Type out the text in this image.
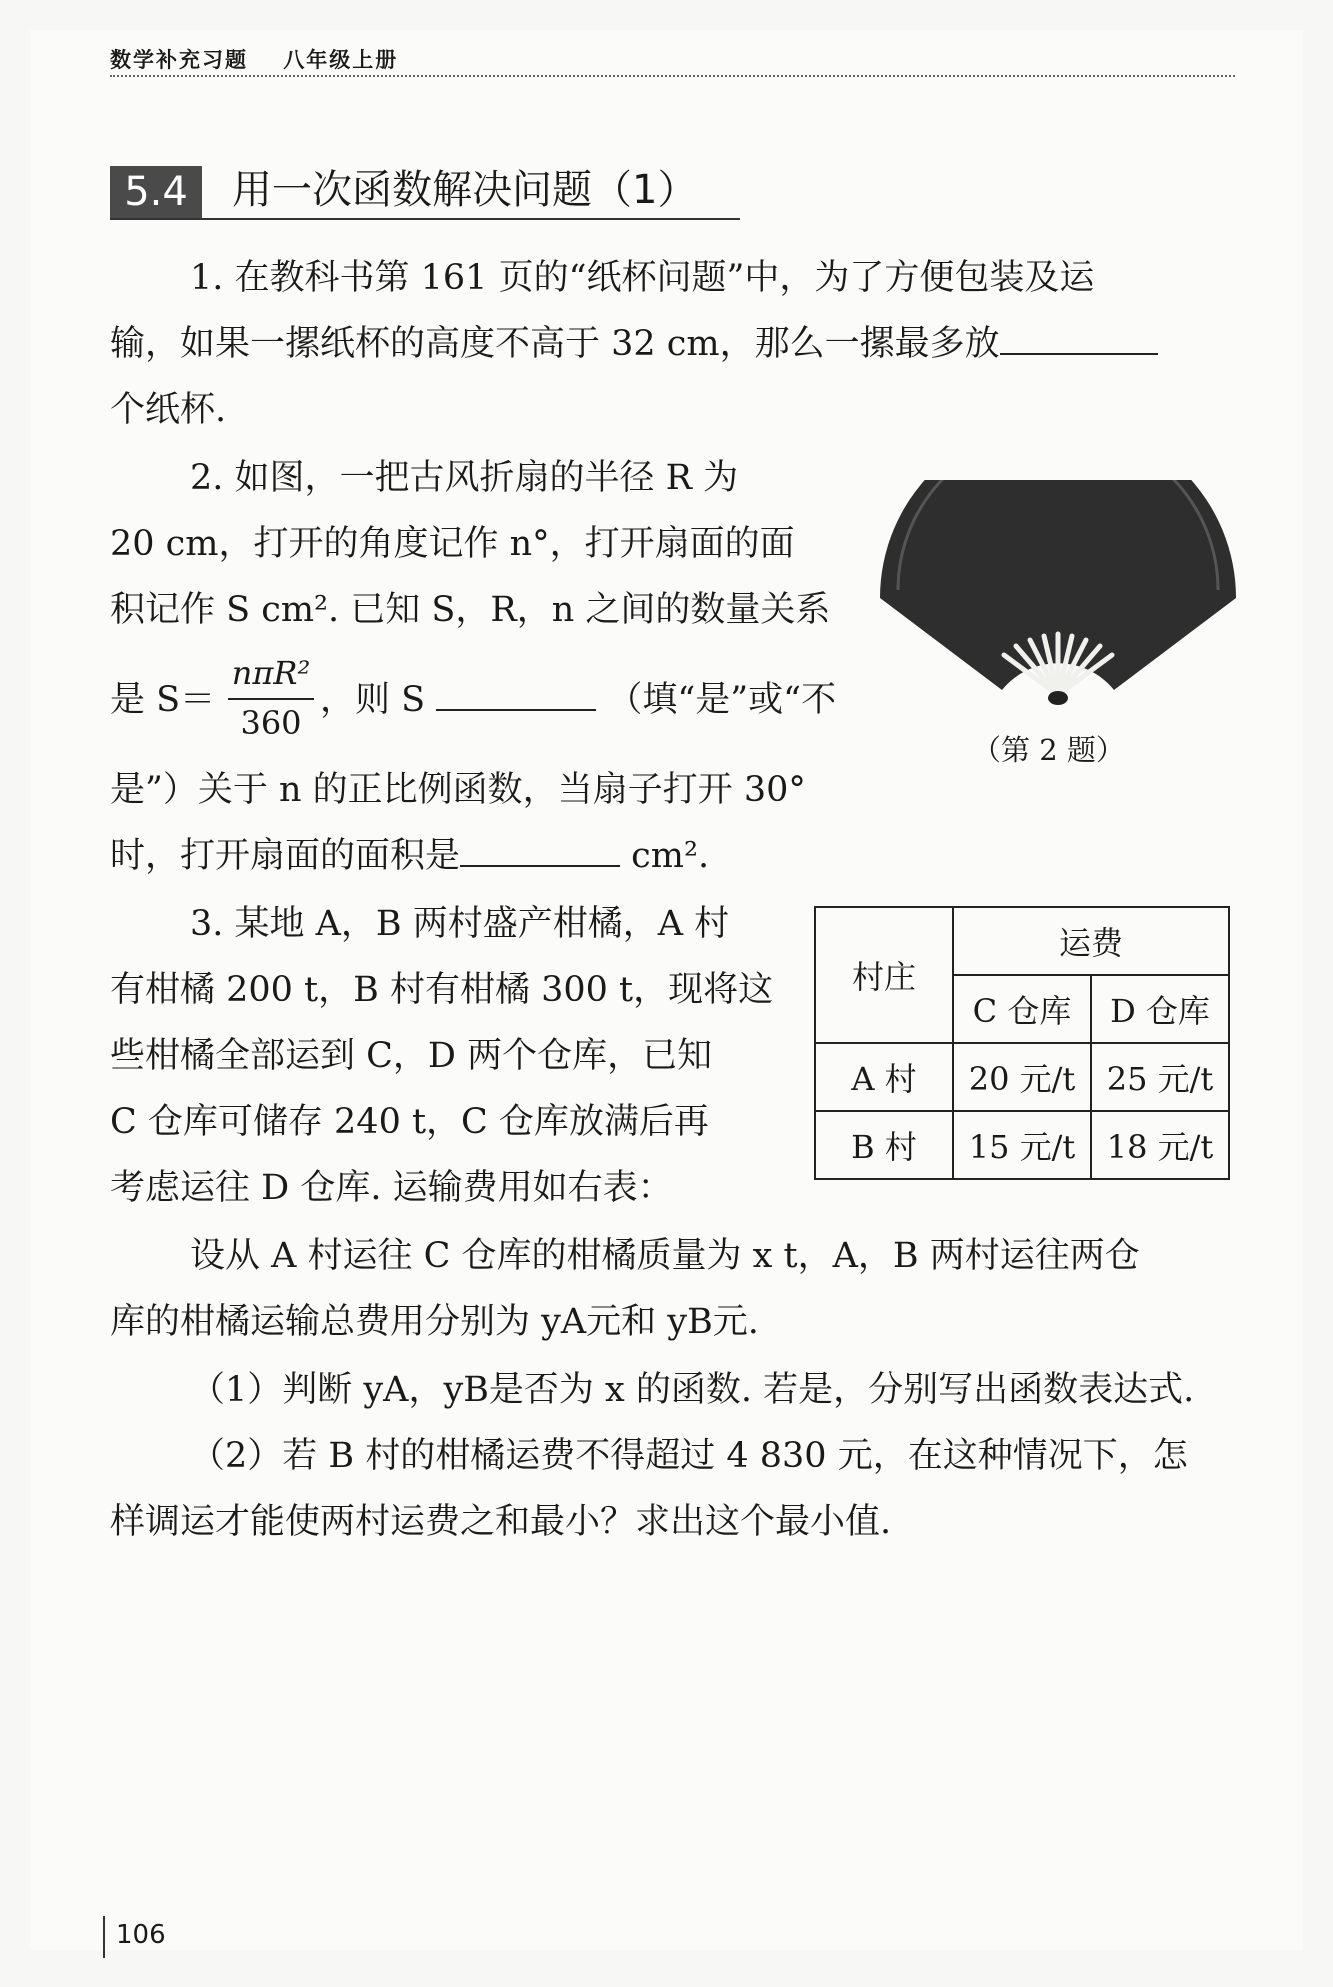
数学补充习题 八年级上册
5.4	用一次函数解决问题（1）
1. 在教科书第 161 页的“纸杯问题”中，为了方便包装及运
输，如果一摞纸杯的高度不高于 32 cm，那么一摞最多放
个纸杯.
2. 如图，一把古风折扇的半径 R 为
20 cm，打开的角度记作 n°，打开扇面的面
积记作 S cm². 已知 S，R，n 之间的数量关系
是 S＝
nπR²
360
，则 S	（填“是”或“不
是”）关于 n 的正比例函数，当扇子打开 30°
时，打开扇面的面积是	cm².
（第 2 题）
3. 某地 A，B 两村盛产柑橘，A 村
有柑橘 200 t，B 村有柑橘 300 t，现将这
些柑橘全部运到 C，D 两个仓库，已知
C 仓库可储存 240 t，C 仓库放满后再
考虑运往 D 仓库. 运输费用如右表：
村庄	运费	
	C 仓库	D 仓库
A 村	20 元/t	25 元/t
B 村	15 元/t	18 元/t
设从 A 村运往 C 仓库的柑橘质量为 x t，A，B 两村运往两仓
库的柑橘运输总费用分别为 yA元和 yB元.
（1）判断 yA，yB是否为 x 的函数. 若是，分别写出函数表达式.
（2）若 B 村的柑橘运费不得超过 4 830 元，在这种情况下，怎
样调运才能使两村运费之和最小？求出这个最小值.
106
